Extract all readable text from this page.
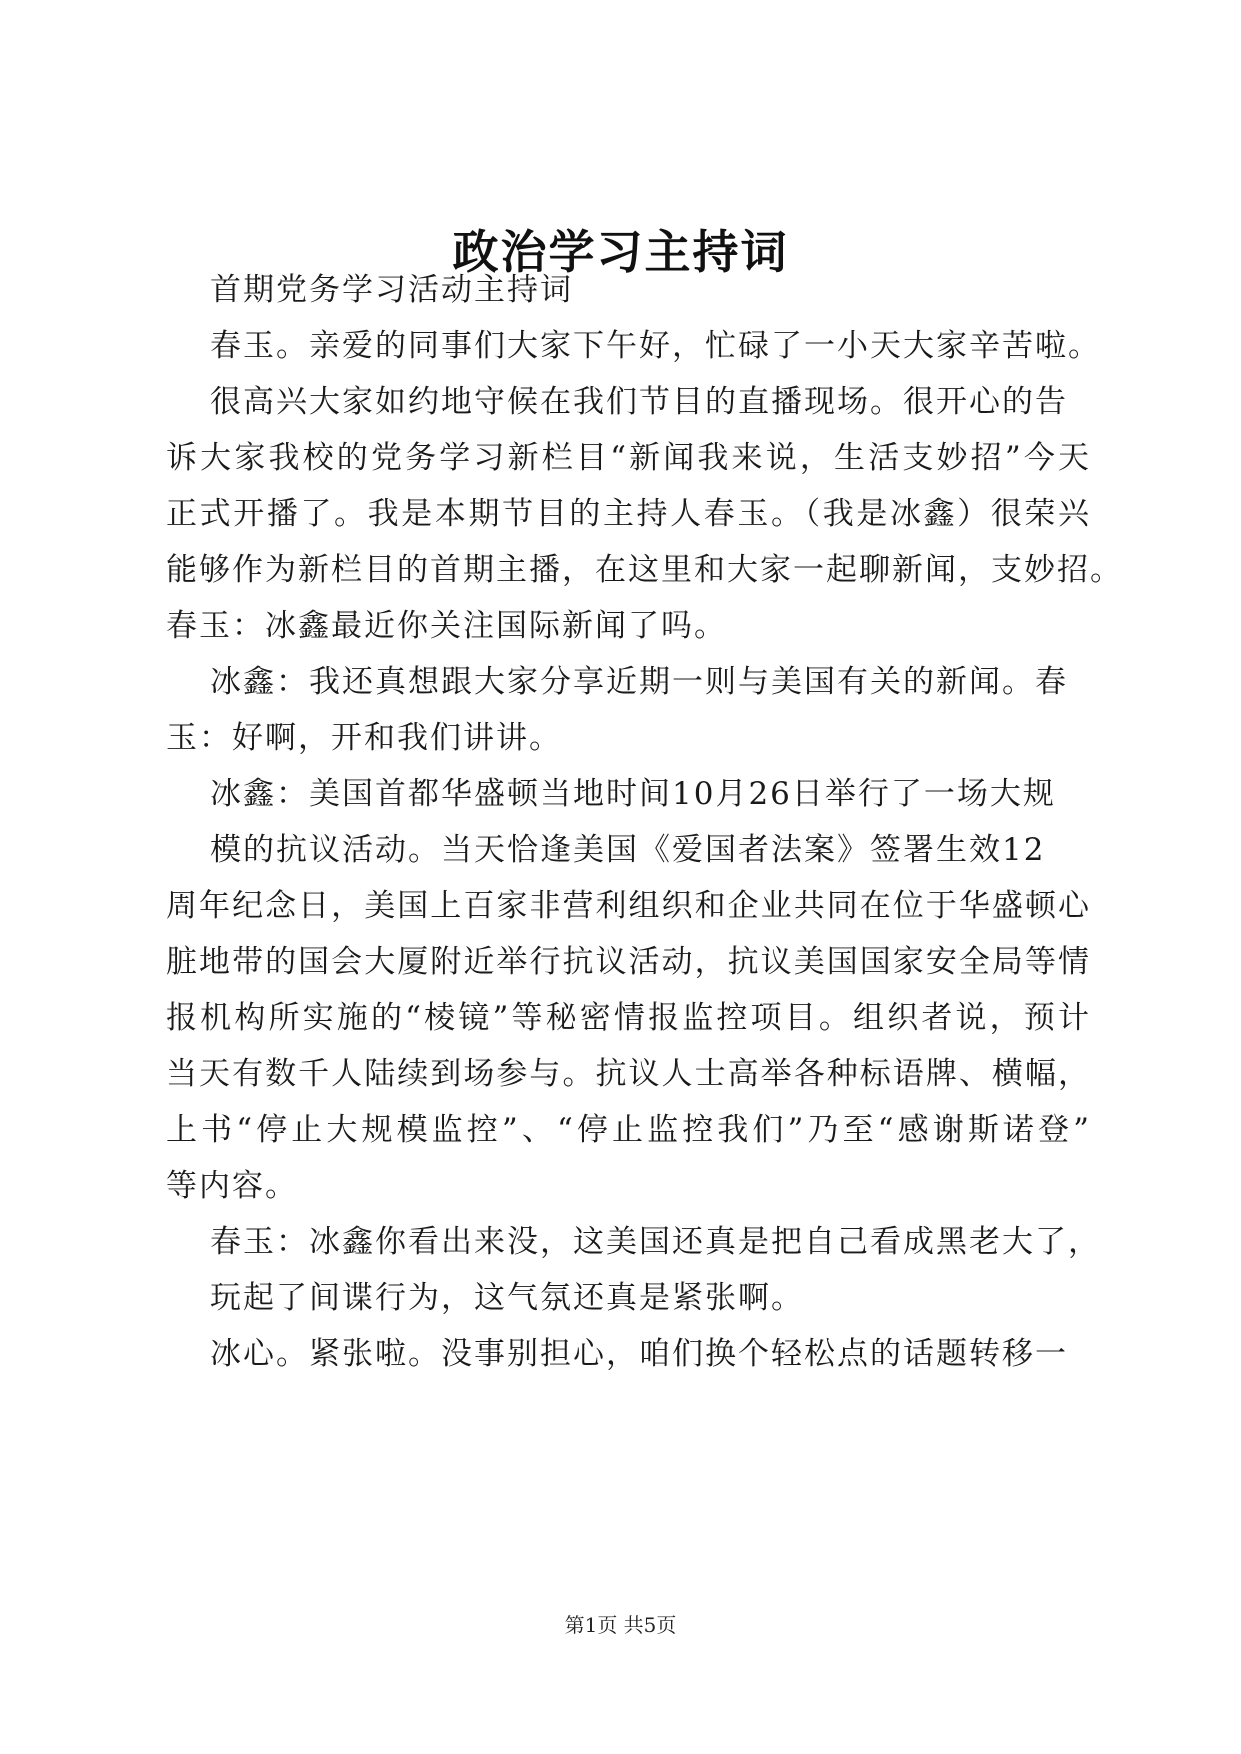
政治学习主持词
首期党务学习活动主持词
春玉。亲爱的同事们大家下午好，忙碌了一小天大家辛苦啦。
很高兴大家如约地守候在我们节目的直播现场。很开心的告
诉大家我校的党务学习新栏目“新闻我来说，生活支妙招”今天
正式开播了。我是本期节目的主持人春玉。（我是冰鑫）很荣兴
能够作为新栏目的首期主播，在这里和大家一起聊新闻，支妙招。
春玉：冰鑫最近你关注国际新闻了吗。
冰鑫：我还真想跟大家分享近期一则与美国有关的新闻。春
玉：好啊，开和我们讲讲。
冰鑫：美国首都华盛顿当地时间10月26日举行了一场大规
模的抗议活动。当天恰逢美国《爱国者法案》签署生效12
周年纪念日，美国上百家非营利组织和企业共同在位于华盛顿心
脏地带的国会大厦附近举行抗议活动，抗议美国国家安全局等情
报机构所实施的“棱镜”等秘密情报监控项目。组织者说，预计
当天有数千人陆续到场参与。抗议人士高举各种标语牌、横幅，
上书“停止大规模监控”、“停止监控我们”乃至“感谢斯诺登”
等内容。
春玉：冰鑫你看出来没，这美国还真是把自己看成黑老大了，
玩起了间谍行为，这气氛还真是紧张啊。
冰心。紧张啦。没事别担心，咱们换个轻松点的话题转移一
第1页 共5页
